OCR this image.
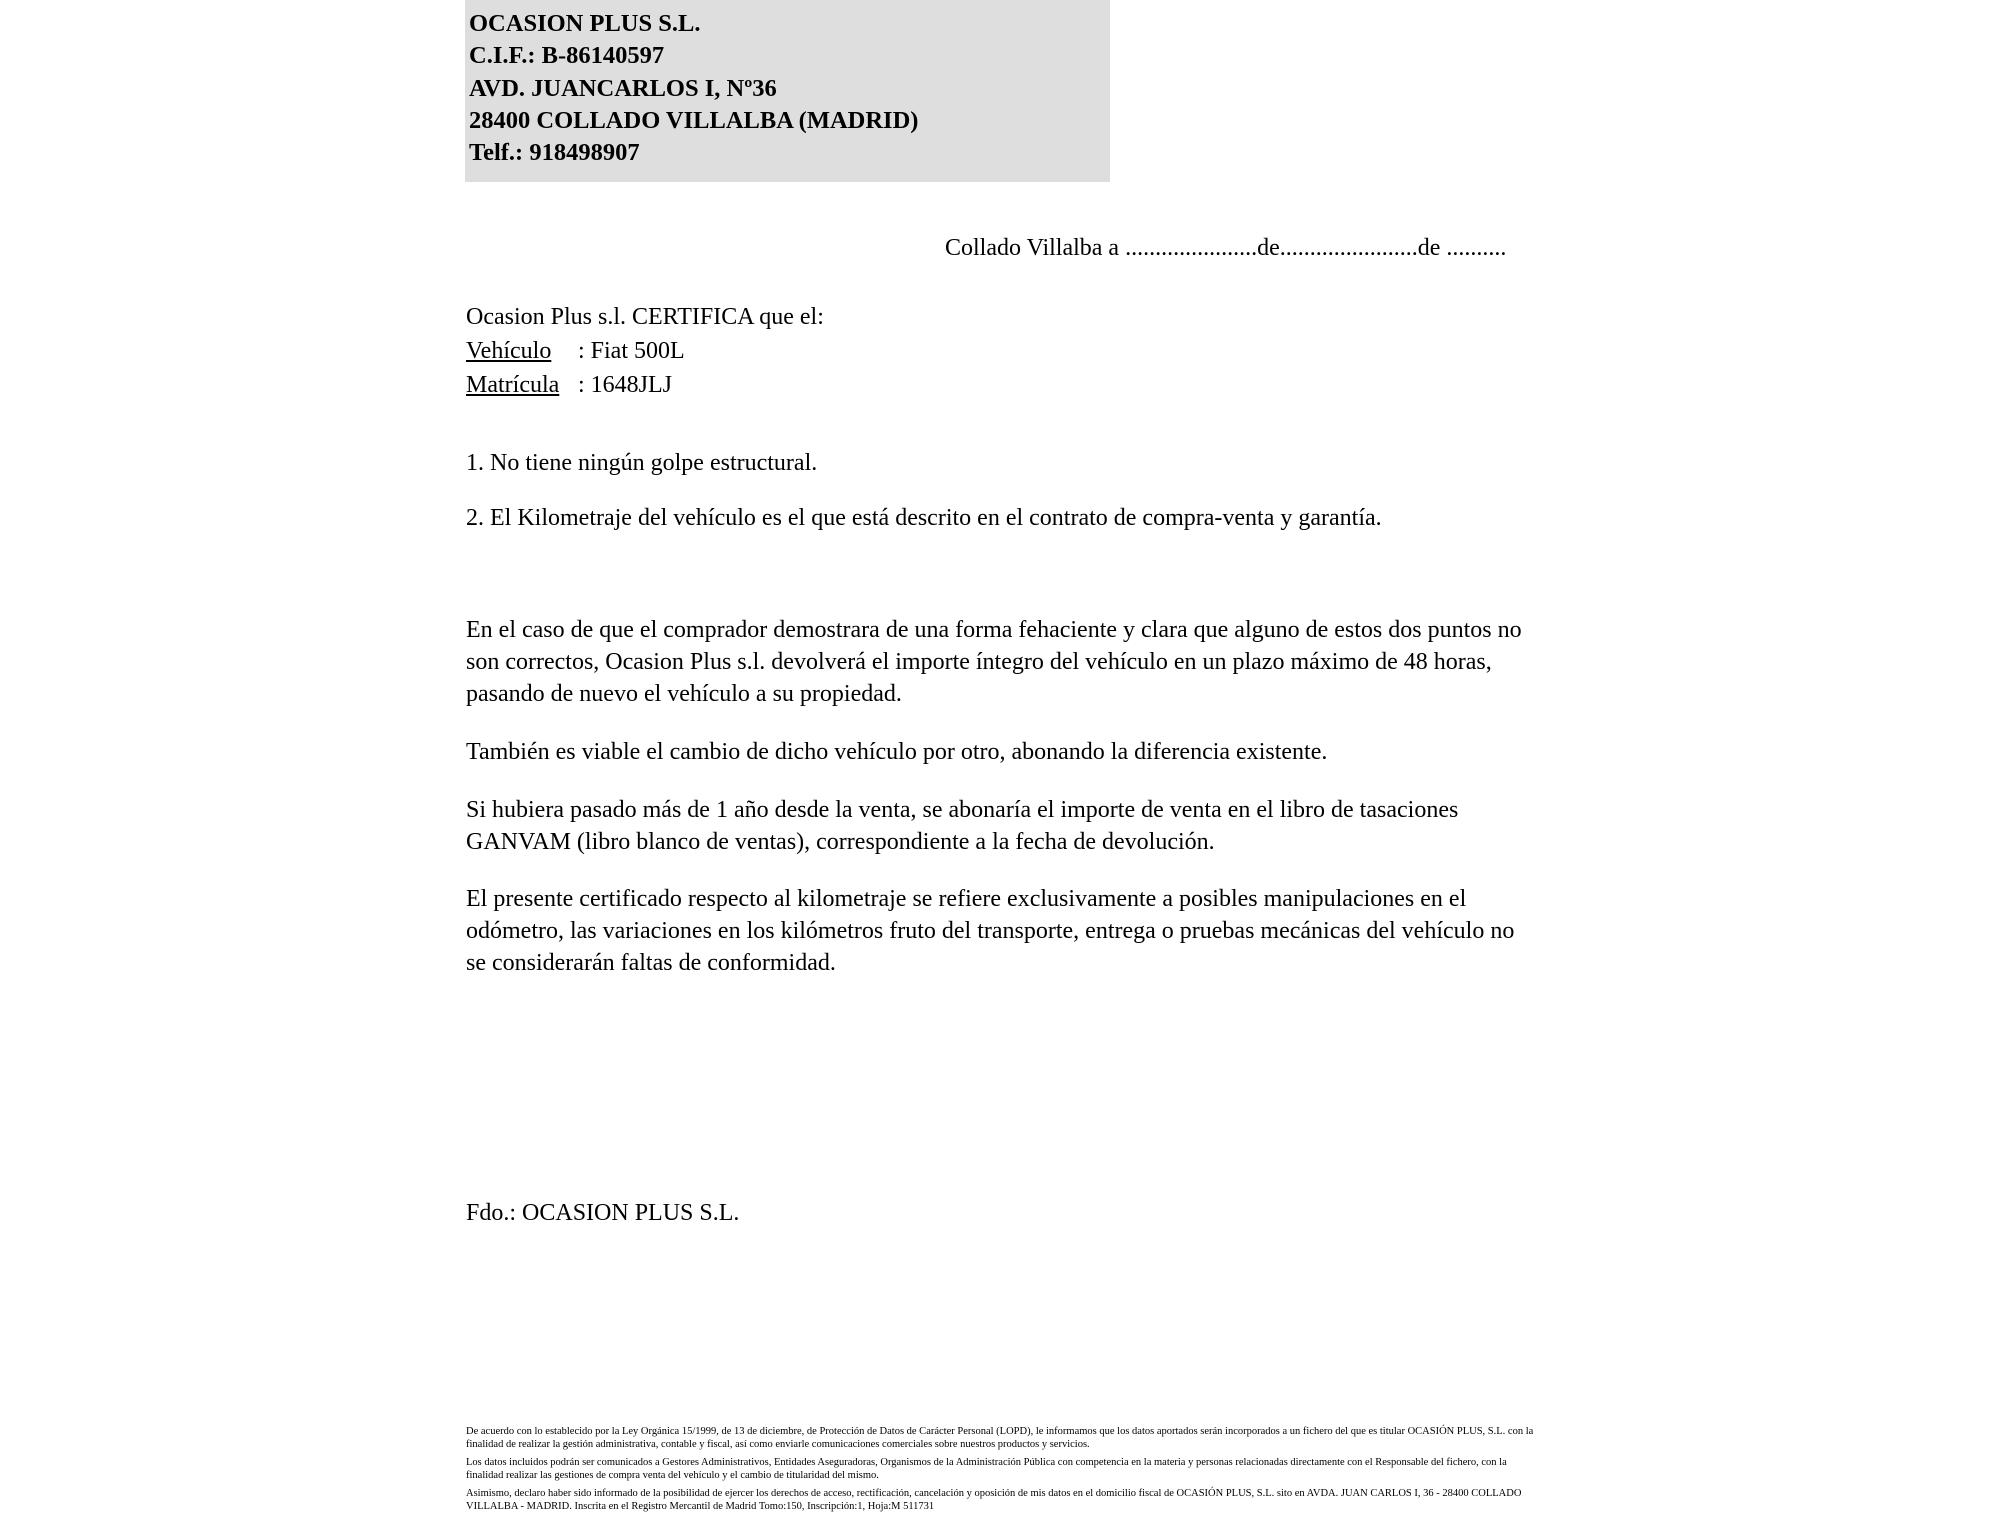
OCASION PLUS S.L.
C.I.F.: B-86140597
AVD. JUANCARLOS I, Nº36
28400 COLLADO VILLALBA (MADRID)
Telf.: 918498907
Collado Villalba a ......................de.......................de ..........
Ocasion Plus s.l. CERTIFICA que el:
Vehículo : Fiat 500L
Matrícula : 1648JLJ

1. No tiene ningún golpe estructural.

2. El Kilometraje del vehículo es el que está descrito en el contrato de compra-venta y garantía.

En el caso de que el comprador demostrara de una forma fehaciente y clara que alguno de estos dos puntos no son correctos, Ocasion Plus s.l. devolverá el importe íntegro del vehículo en un plazo máximo de 48 horas, pasando de nuevo el vehículo a su propiedad.

También es viable el cambio de dicho vehículo por otro, abonando la diferencia existente.

Si hubiera pasado más de 1 año desde la venta, se abonaría el importe de venta en el libro de tasaciones GANVAM (libro blanco de ventas), correspondiente a la fecha de devolución.

El presente certificado respecto al kilometraje se refiere exclusivamente a posibles manipulaciones en el odómetro, las variaciones en los kilómetros fruto del transporte, entrega o pruebas mecánicas del vehículo no se considerarán faltas de conformidad.

Fdo.: OCASION PLUS S.L.

De acuerdo con lo establecido por la Ley Orgánica 15/1999, de 13 de diciembre, de Protección de Datos de Carácter Personal (LOPD), le informamos que los datos aportados serán incorporados a un fichero del que es titular OCASIÓN PLUS, S.L. con la finalidad de realizar la gestión administrativa, contable y fiscal, así como enviarle comunicaciones comerciales sobre nuestros productos y servicios.

Los datos incluidos podrán ser comunicados a Gestores Administrativos, Entidades Aseguradoras, Organismos de la Administración Pública con competencia en la materia y personas relacionadas directamente con el Responsable del fichero, con la finalidad realizar las gestiones de compra venta del vehículo y el cambio de titularidad del mismo.

Asimismo, declaro haber sido informado de la posibilidad de ejercer los derechos de acceso, rectificación, cancelación y oposición de mis datos en el domicilio fiscal de OCASIÓN PLUS, S.L. sito en AVDA. JUAN CARLOS I, 36 - 28400 COLLADO VILLALBA - MADRID. Inscrita en el Registro Mercantil de Madrid Tomo:150, Inscripción:1, Hoja:M 511731
